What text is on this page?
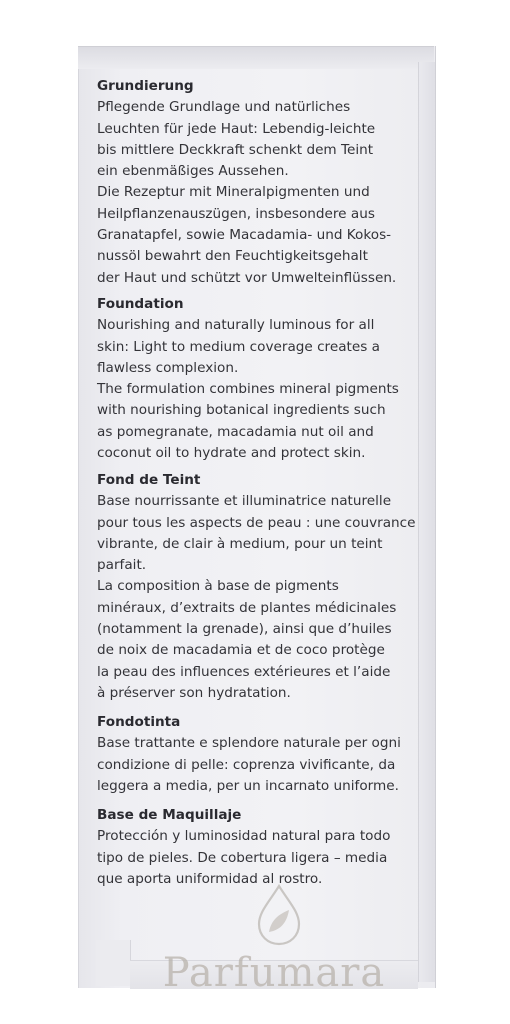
Grundierung

Pflegende Grundlage und natürliches
Leuchten für jede Haut: Lebendig-leichte
bis mittlere Deckkraft schenkt dem Teint
ein ebenmäßiges Aussehen.

Die Rezeptur mit Mineralpigmenten und
Heilpflanzenauszügen, insbesondere aus
Granatapfel, sowie Macadamia- und Kokos-
nussöl bewahrt den Feuchtigkeitsgehalt
der Haut und schützt vor Umwelteinflüssen.

Foundation

Nourishing and naturally luminous for all
skin: Light to medium coverage creates a
flawless complexion.

The formulation combines mineral pigments
with nourishing botanical ingredients such
as pomegranate, macadamia nut oil and
coconut oil to hydrate and protect skin.

Fond de Teint

Base nourrissante et illuminatrice naturelle
pour tous les aspects de peau : une couvrance
vibrante, de clair à medium, pour un teint
parfait.

La composition à base de pigments
minéraux, d’extraits de plantes médicinales
(notamment la grenade), ainsi que d’huiles
de noix de macadamia et de coco protège
la peau des influences extérieures et l’aide
à préserver son hydratation.

Fondotinta

Base trattante e splendore naturale per ogni
condizione di pelle: coprenza vivificante, da
leggera a media, per un incarnato uniforme.

Base de Maquillaje

Protección y luminosidad natural para todo
tipo de pieles. De cobertura ligera – media
que aporta uniformidad al rostro.

Parfumara
